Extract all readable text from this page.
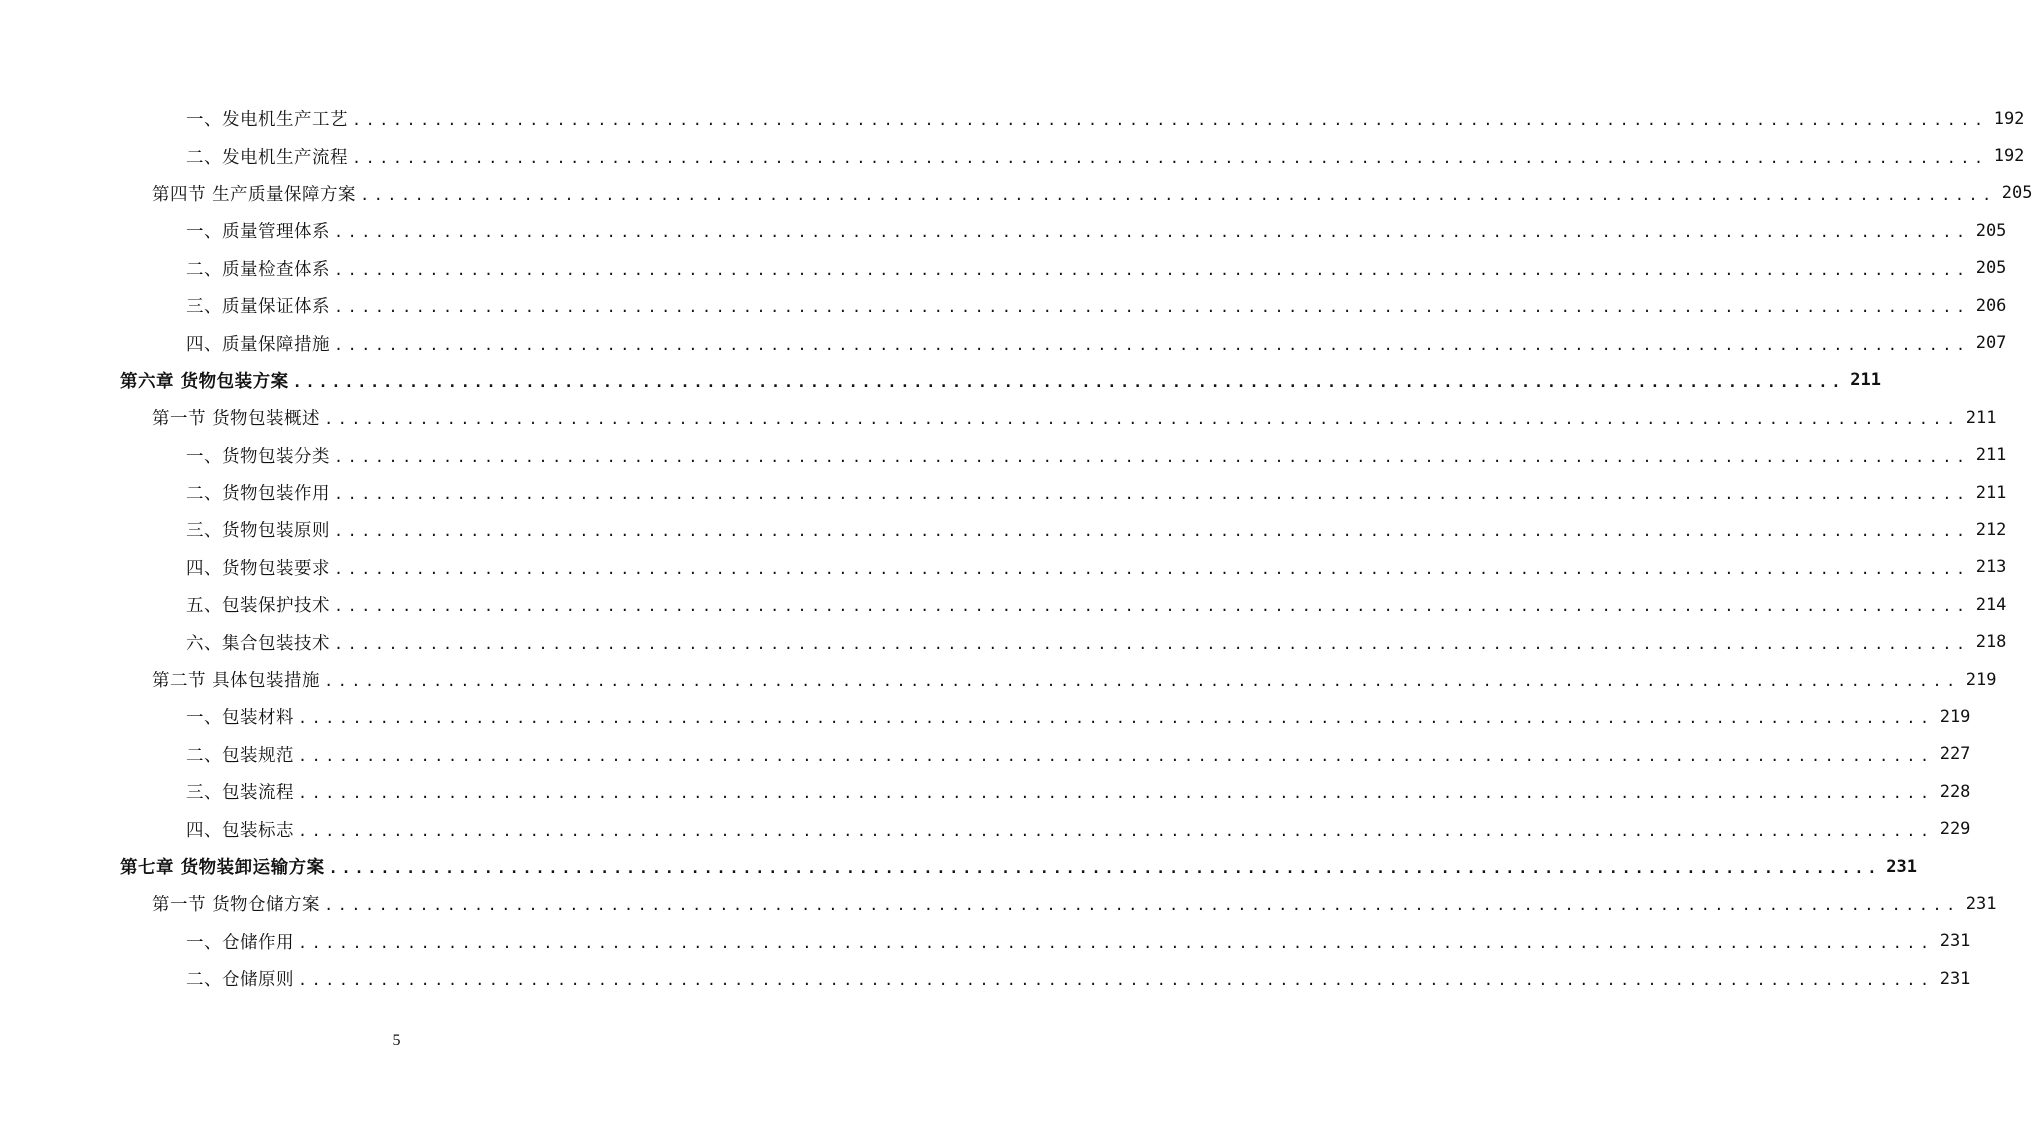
一、发电机生产工艺 ........................................................................................................................ 192
二、发电机生产流程 ........................................................................................................................ 192
第四节 生产质量保障方案 ........................................................................................................................ 205
一、质量管理体系 ........................................................................................................................ 205
二、质量检查体系 ........................................................................................................................ 205
三、质量保证体系 ........................................................................................................................ 206
四、质量保障措施 ........................................................................................................................ 207
第六章 货物包装方案 ........................................................................................................................ 211
第一节 货物包装概述 ........................................................................................................................ 211
一、货物包装分类 ........................................................................................................................ 211
二、货物包装作用 ........................................................................................................................ 211
三、货物包装原则 ........................................................................................................................ 212
四、货物包装要求 ........................................................................................................................ 213
五、包装保护技术 ........................................................................................................................ 214
六、集合包装技术 ........................................................................................................................ 218
第二节 具体包装措施 ........................................................................................................................ 219
一、包装材料 ........................................................................................................................ 219
二、包装规范 ........................................................................................................................ 227
三、包装流程 ........................................................................................................................ 228
四、包装标志 ........................................................................................................................ 229
第七章 货物装卸运输方案 ........................................................................................................................ 231
第一节 货物仓储方案 ........................................................................................................................ 231
一、仓储作用 ........................................................................................................................ 231
二、仓储原则 ........................................................................................................................ 231
5
